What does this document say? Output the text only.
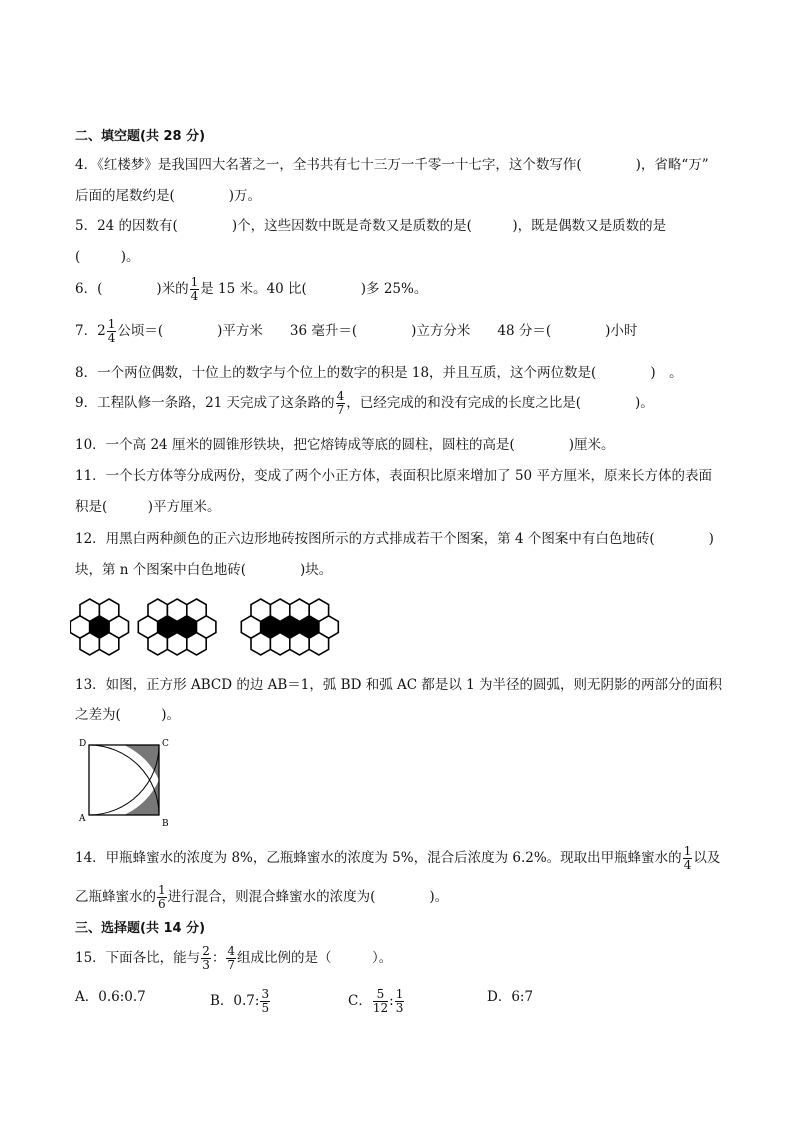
二、填空题(共 28 分)
4．《红楼梦》是我国四大名著之一，全书共有七十三万一千零一十七字，这个数写作(　　　　)，省略“万”
后面的尾数约是(　　　　)万。
5．24 的因数有(　　　　)个，这些因数中既是奇数又是质数的是(　　　)，既是偶数又是质数的是
(　　　)。
6．(　　　　)米的 $\frac{1}{4}$ 是 15 米。40 比(　　　　)多 25%。
7．$2 \frac{1}{4}$ 公顷＝(　　　　)平方米　　36 毫升＝(　　　　)立方分米　　48 分＝(　　　　)小时
8．一个两位偶数，十位上的数字与个位上的数字的积是 18，并且互质，这个两位数是(　　　　)　。
9．工程队修一条路，21 天完成了这条路的 $\frac{4}{7}$ ，已经完成的和没有完成的长度之比是(　　　　)。
10．一个高 24 厘米的圆锥形铁块，把它熔铸成等底的圆柱，圆柱的高是(　　　　)厘米。
11．一个长方体等分成两份，变成了两个小正方体，表面积比原来增加了 50 平方厘米，原来长方体的表面
积是(　　　)平方厘米。
12．用黑白两种颜色的正六边形地砖按图所示的方式排成若干个图案，第 4 个图案中有白色地砖(　　　　)
块，第 n 个图案中白色地砖(　　　　)块。
13．如图，正方形 ABCD 的边 AB＝1，弧 BD 和弧 AC 都是以 1 为半径的圆弧，则无阴影的两部分的面积
之差为(　　　)。
D	C
A	B
14．甲瓶蜂蜜水的浓度为 8%，乙瓶蜂蜜水的浓度为 5%，混合后浓度为 6.2%。现取出甲瓶蜂蜜水的 $\frac{1}{4}$ 以及
乙瓶蜂蜜水的 $\frac{1}{6}$ 进行混合，则混合蜂蜜水的浓度为(　　　　)。
三、选择题(共 14 分)
15．下面各比，能与 $\frac{2}{3}$ ： $\frac{4}{7}$ 组成比例的是（　　　）。
A．0.6:0.7	B．0.7: $\frac{3}{5}$	C． $\frac{5}{12}$ : $\frac{1}{3}$	D．6:7
